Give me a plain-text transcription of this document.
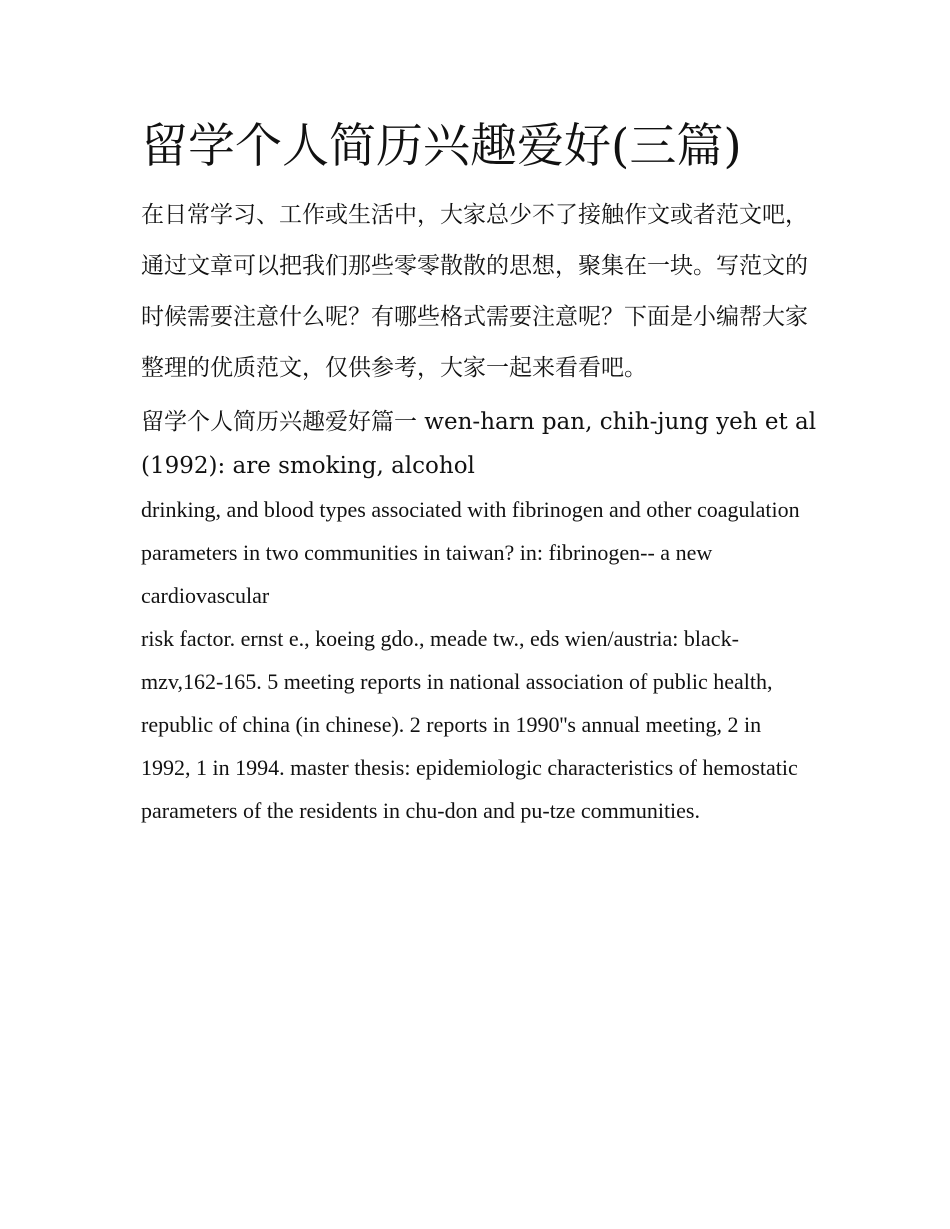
留学个人简历兴趣爱好(三篇)

在日常学习、工作或生活中，大家总少不了接触作文或者范文吧，通过文章可以把我们那些零零散散的思想，聚集在一块。写范文的时候需要注意什么呢？有哪些格式需要注意呢？下面是小编帮大家整理的优质范文，仅供参考，大家一起来看看吧。

留学个人简历兴趣爱好篇一 wen-harn pan, chih-jung yeh et al (1992): are smoking, alcohol

drinking, and blood types associated with fibrinogen and other coagulation

parameters in two communities in taiwan? in: fibrinogen-- a new cardiovascular

risk factor. ernst e., koeing gdo., meade tw., eds wien/austria: black-

mzv,162-165. 5 meeting reports in national association of public health,

republic of china (in chinese). 2 reports in 1990''s annual meeting, 2 in

1992, 1 in 1994. master thesis: epidemiologic characteristics of hemostatic

parameters of the residents in chu-don and pu-tze communities.
